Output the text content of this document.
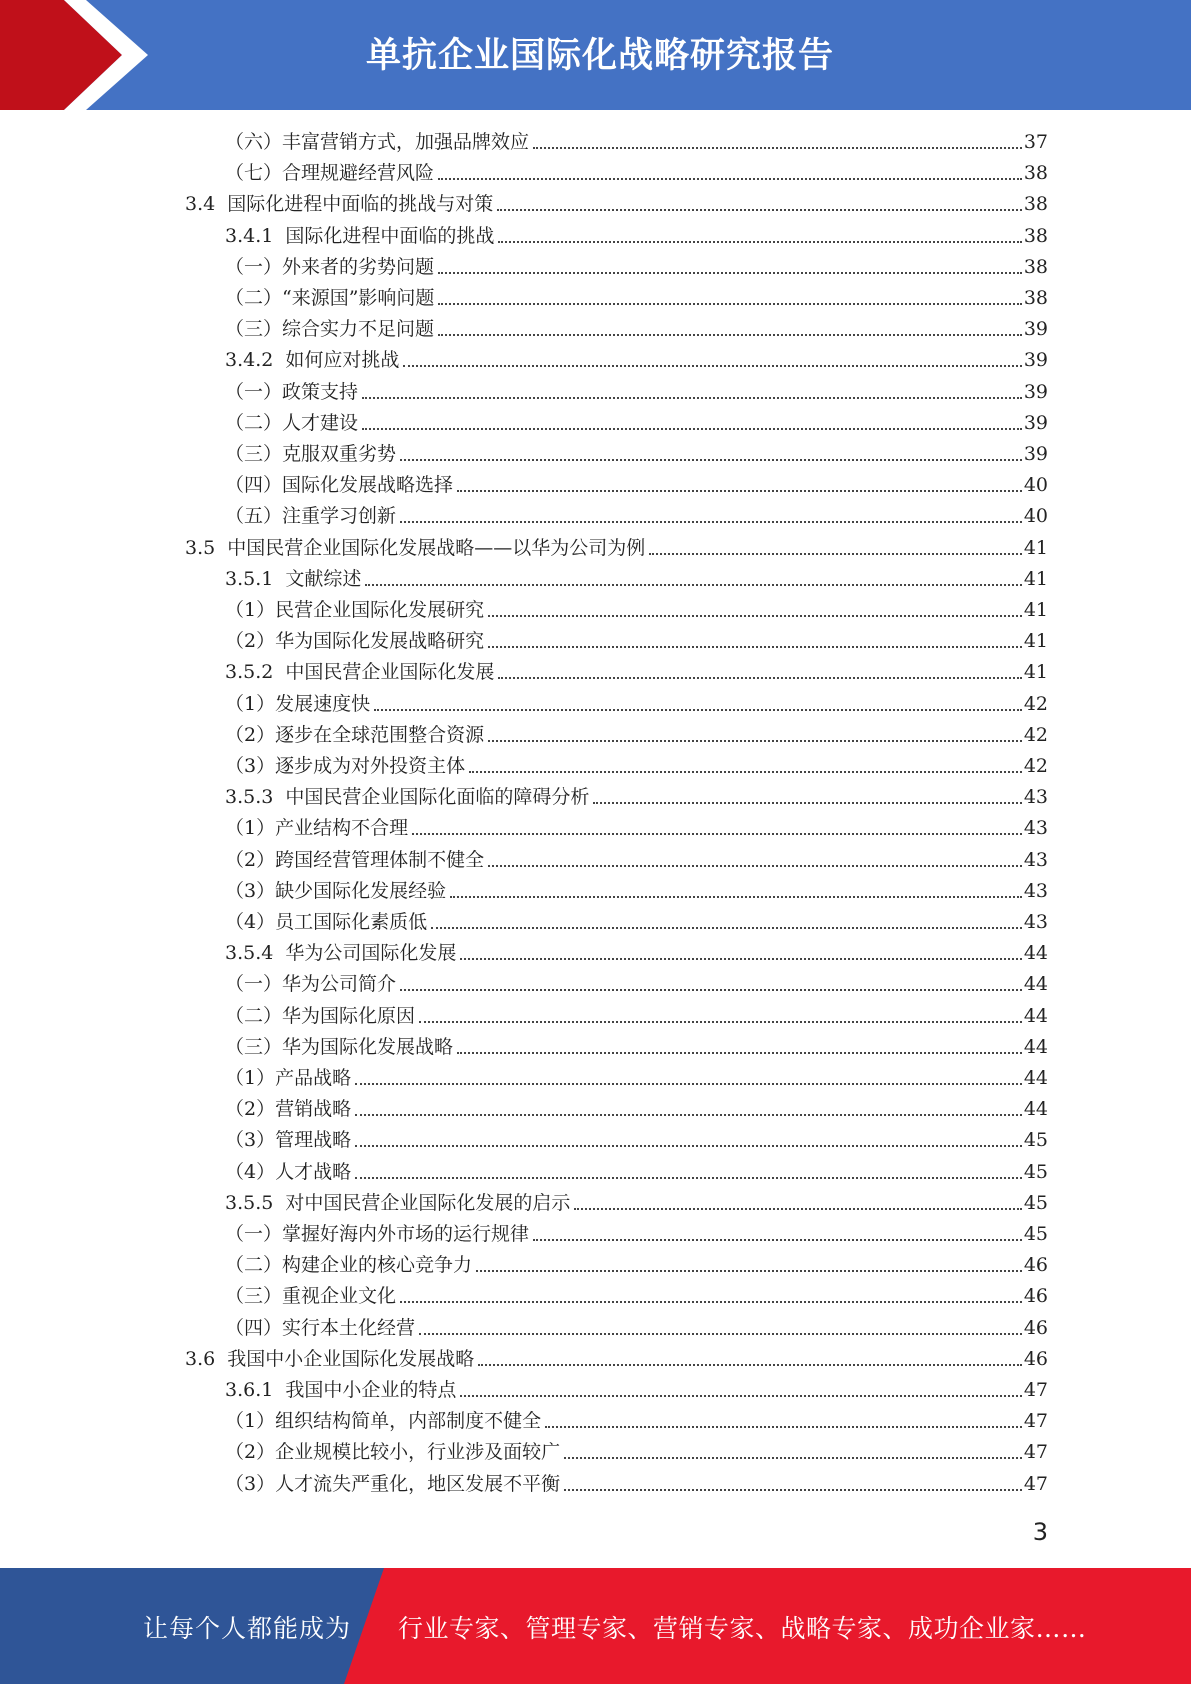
单抗企业国际化战略研究报告
（六）丰富营销方式，加强品牌效应	37
（七）合理规避经营风险	38
3.4 国际化进程中面临的挑战与对策	38
3.4.1 国际化进程中面临的挑战	38
（一）外来者的劣势问题	38
（二）“来源国”影响问题	38
（三）综合实力不足问题	39
3.4.2 如何应对挑战	39
（一）政策支持	39
（二）人才建设	39
（三）克服双重劣势	39
（四）国际化发展战略选择	40
（五）注重学习创新	40
3.5 中国民营企业国际化发展战略——以华为公司为例	41
3.5.1 文献综述	41
（1）民营企业国际化发展研究	41
（2）华为国际化发展战略研究	41
3.5.2 中国民营企业国际化发展	41
（1）发展速度快	42
（2）逐步在全球范围整合资源	42
（3）逐步成为对外投资主体	42
3.5.3 中国民营企业国际化面临的障碍分析	43
（1）产业结构不合理	43
（2）跨国经营管理体制不健全	43
（3）缺少国际化发展经验	43
（4）员工国际化素质低	43
3.5.4 华为公司国际化发展	44
（一）华为公司简介	44
（二）华为国际化原因	44
（三）华为国际化发展战略	44
（1）产品战略	44
（2）营销战略	44
（3）管理战略	45
（4）人才战略	45
3.5.5 对中国民营企业国际化发展的启示	45
（一）掌握好海内外市场的运行规律	45
（二）构建企业的核心竞争力	46
（三）重视企业文化	46
（四）实行本土化经营	46
3.6 我国中小企业国际化发展战略	46
3.6.1 我国中小企业的特点	47
（1）组织结构简单，内部制度不健全	47
（2）企业规模比较小，行业涉及面较广	47
（3）人才流失严重化，地区发展不平衡	47
3
让每个人都能成为 行业专家、管理专家、营销专家、战略专家、成功企业家……
